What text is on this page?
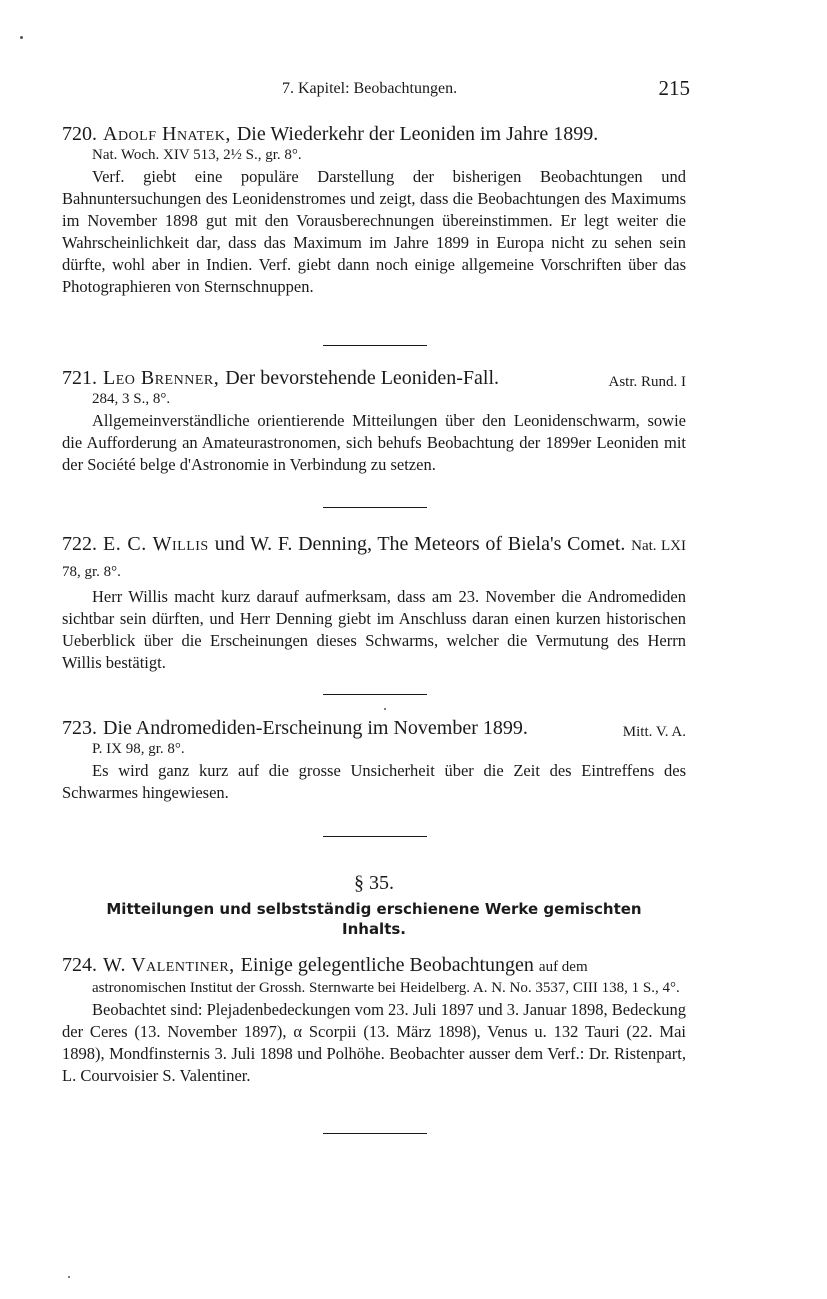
7. Kapitel: Beobachtungen.	215

720. Adolf Hnatek, Die Wiederkehr der Leoniden im Jahre 1899.

Nat. Woch. XIV 513, 2½ S., gr. 8°.

Verf. giebt eine populäre Darstellung der bisherigen Beobachtungen und Bahnuntersuchungen des Leonidenstromes und zeigt, dass die Beobachtungen des Maximums im November 1898 gut mit den Vorausberechnungen übereinstimmen. Er legt weiter die Wahrscheinlichkeit dar, dass das Maximum im Jahre 1899 in Europa nicht zu sehen sein dürfte, wohl aber in Indien. Verf. giebt dann noch einige allgemeine Vorschriften über das Photographieren von Sternschnuppen.

721. Leo Brenner, Der bevorstehende Leoniden-Fall.	Astr. Rund. I

284, 3 S., 8°.

Allgemeinverständliche orientierende Mitteilungen über den Leonidenschwarm, sowie die Aufforderung an Amateurastronomen, sich behufs Beobachtung der 1899er Leoniden mit der Société belge d'Astronomie in Verbindung zu setzen.

722. E. C. Willis und W. F. Denning, The Meteors of Biela's Comet. Nat. LXI 78, gr. 8°.

Herr Willis macht kurz darauf aufmerksam, dass am 23. November die Andromediden sichtbar sein dürften, und Herr Denning giebt im Anschluss daran einen kurzen historischen Ueberblick über die Erscheinungen dieses Schwarms, welcher die Vermutung des Herrn Willis bestätigt.

723. Die Andromediden-Erscheinung im November 1899.	Mitt. V. A.

P. IX 98, gr. 8°.

Es wird ganz kurz auf die grosse Unsicherheit über die Zeit des Eintreffens des Schwarmes hingewiesen.

§ 35.

Mitteilungen und selbstständig erschienene Werke gemischten Inhalts.

724. W. Valentiner, Einige gelegentliche Beobachtungen auf dem

astronomischen Institut der Grossh. Sternwarte bei Heidelberg. A. N. No. 3537, CIII 138, 1 S., 4°.

Beobachtet sind: Plejadenbedeckungen vom 23. Juli 1897 und 3. Januar 1898, Bedeckung der Ceres (13. November 1897), α Scorpii (13. März 1898), Venus u. 132 Tauri (22. Mai 1898), Mondfinsternis 3. Juli 1898 und Polhöhe. Beobachter ausser dem Verf.: Dr. Ristenpart, L. Courvoisier S. Valentiner.
